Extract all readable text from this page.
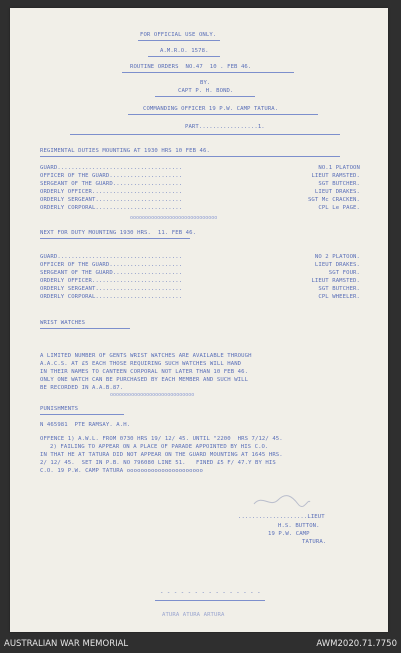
FOR OFFICIAL USE ONLY.
A.M.R.O. 1578.
ROUTINE ORDERS  NO.47  10 . FEB 46.
BY.
CAPT P. H. BOND.
COMMANDING OFFICER 19 P.W. CAMP TATURA.
PART.................1.
REGIMENTAL DUTIES MOUNTING AT 1930 HRS 10 FEB 46.
GUARD....................................	NO.1 PLATOON
OFFICER OF THE GUARD.....................	LIEUT RAMSTED.
SERGEANT OF THE GUARD....................	SGT BUTCHER.
ORDERLY OFFICER..........................	LIEUT DRAKES.
ORDERLY SERGEANT.........................	SGT Mc CRACKEN.
ORDERLY CORPORAL.........................	CPL Le PAGE.
ooooooooooooooooooooooooooooo
NEXT FOR DUTY MOUNTING 1930 HRS.  11. FEB 46.
GUARD....................................	NO 2 PLATOON.
OFFICER OF THE GUARD.....................	LIEUT DRAKES.
SERGEANT OF THE GUARD....................	SGT FOUR.
ORDERLY OFFICER..........................	LIEUT RAMSTED.
ORDERLY SERGEANT.........................	SGT BUTCHER.
ORDERLY CORPORAL.........................	CPL WHEELER.
WRIST WATCHES
A LIMITED NUMBER OF GENTS WRIST WATCHES ARE AVAILABLE THROUGH
A.A.C.S. AT £5 EACH THOSE REQUIRING SUCH WATCHES WILL HAND
IN THEIR NAMES TO CANTEEN CORPORAL NOT LATER THAN 10 FEB 46.
ONLY ONE WATCH CAN BE PURCHASED BY EACH MEMBER AND SUCH WILL
BE RECORDED IN A.A.B.87.
oooooooooooooooooooooooooooo
PUNISHMENTS
N 465981  PTE RAMSAY. A.H.
OFFENCE 1) A.W.L. FROM 0730 HRS 19/ 12/ 45. UNTIL "2200  HRS 7/12/ 45.
2) FAILING TO APPEAR ON A PLACE OF PARADE APPOINTED BY HIS C.O.
IN THAT HE AT TATURA DID NOT APPEAR ON THE GUARD MOUNTING AT 1645 HRS.
2/ 12/ 45.  SET IN P.B. NO 796080 LINE 51.   FINED £5 F/ 47.Y BY HIS
C.O. 19 P.W. CAMP TATURA oooooooooooooooooooooo
....................LIEUT
H.S. BUTTON.
19 P.W. CAMP
TATURA.
- - - - - - - - - - - - - - -
ATURA ATURA ARTURA
AUSTRALIAN WAR MEMORIAL	AWM2020.71.7750
